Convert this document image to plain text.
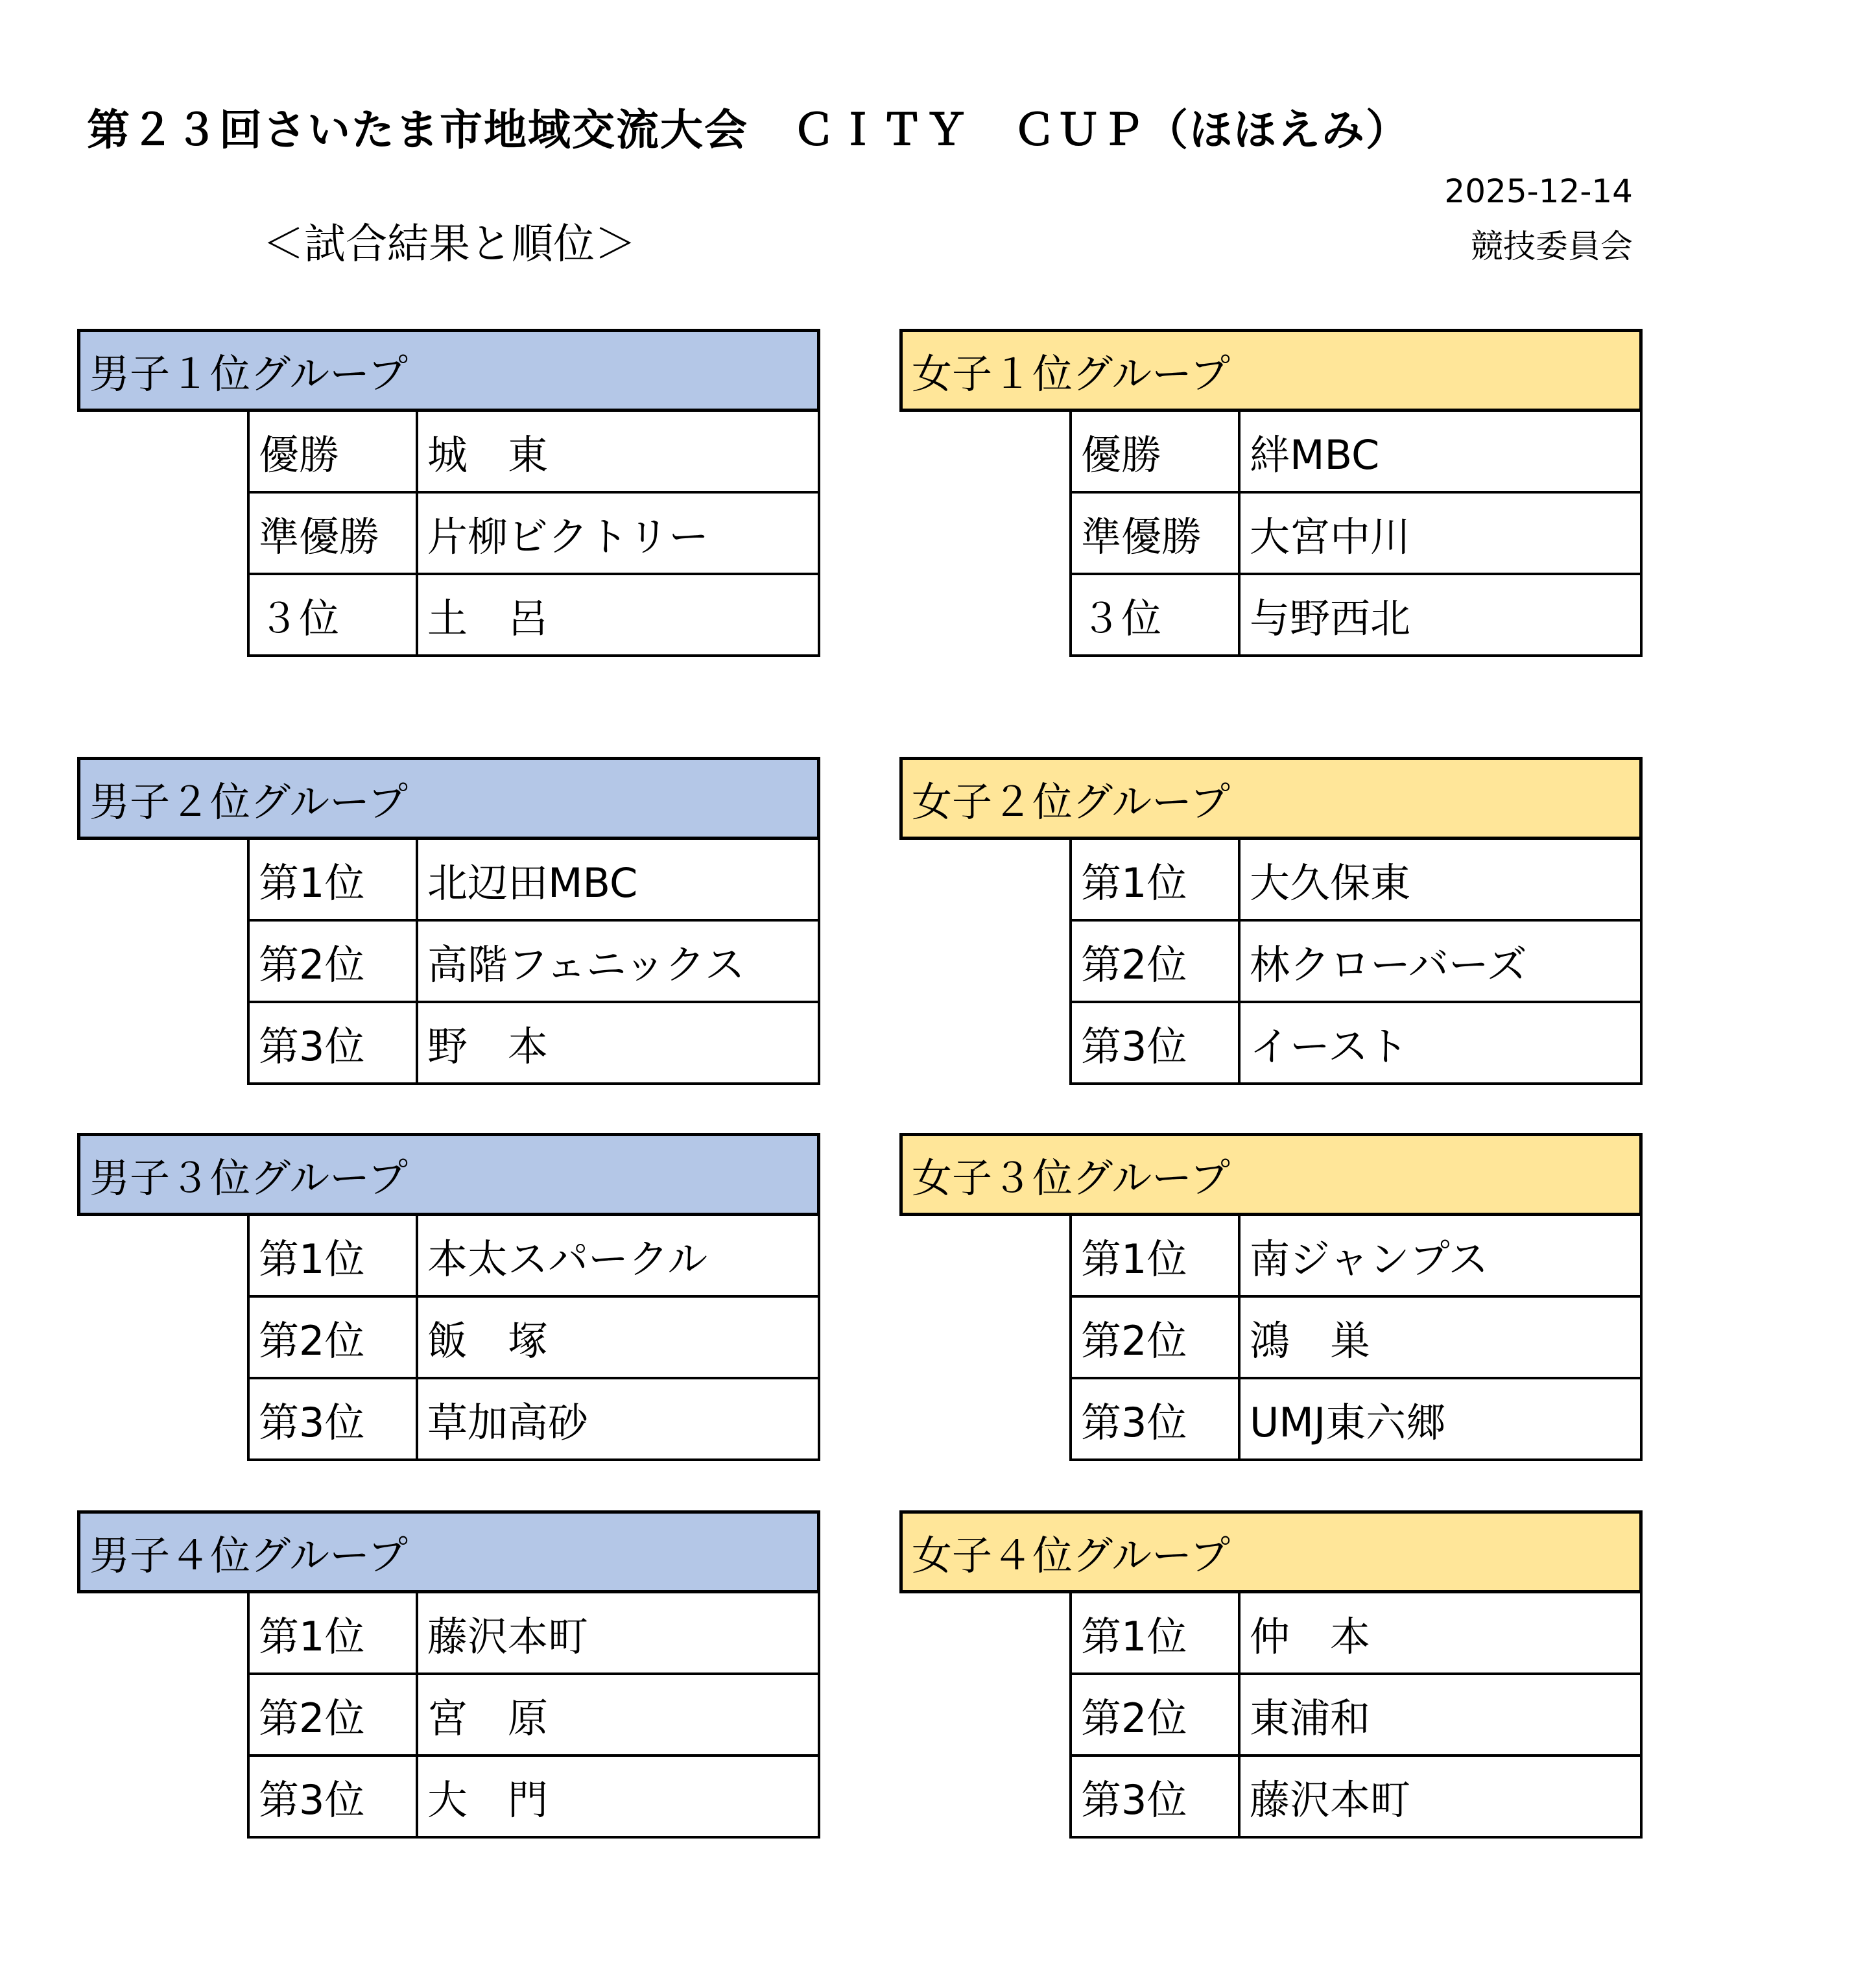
第２３回さいたま市地域交流大会　ＣＩＴＹ　ＣＵＰ（ほほえみ）
＜試合結果と順位＞
2025-12-14
競技委員会
男子１位グループ
優勝	城　東
準優勝	片柳ビクトリー
３位	土　呂
男子２位グループ
第1位	北辺田MBC
第2位	高階フェニックス
第3位	野　本
男子３位グループ
第1位	本太スパークル
第2位	飯　塚
第3位	草加高砂
男子４位グループ
第1位	藤沢本町
第2位	宮　原
第3位	大　門
女子１位グループ
優勝	絆MBC
準優勝	大宮中川
３位	与野西北
女子２位グループ
第1位	大久保東
第2位	林クローバーズ
第3位	イースト
女子３位グループ
第1位	南ジャンプス
第2位	鴻　巣
第3位	UMJ東六郷
女子４位グループ
第1位	仲　本
第2位	東浦和
第3位	藤沢本町
